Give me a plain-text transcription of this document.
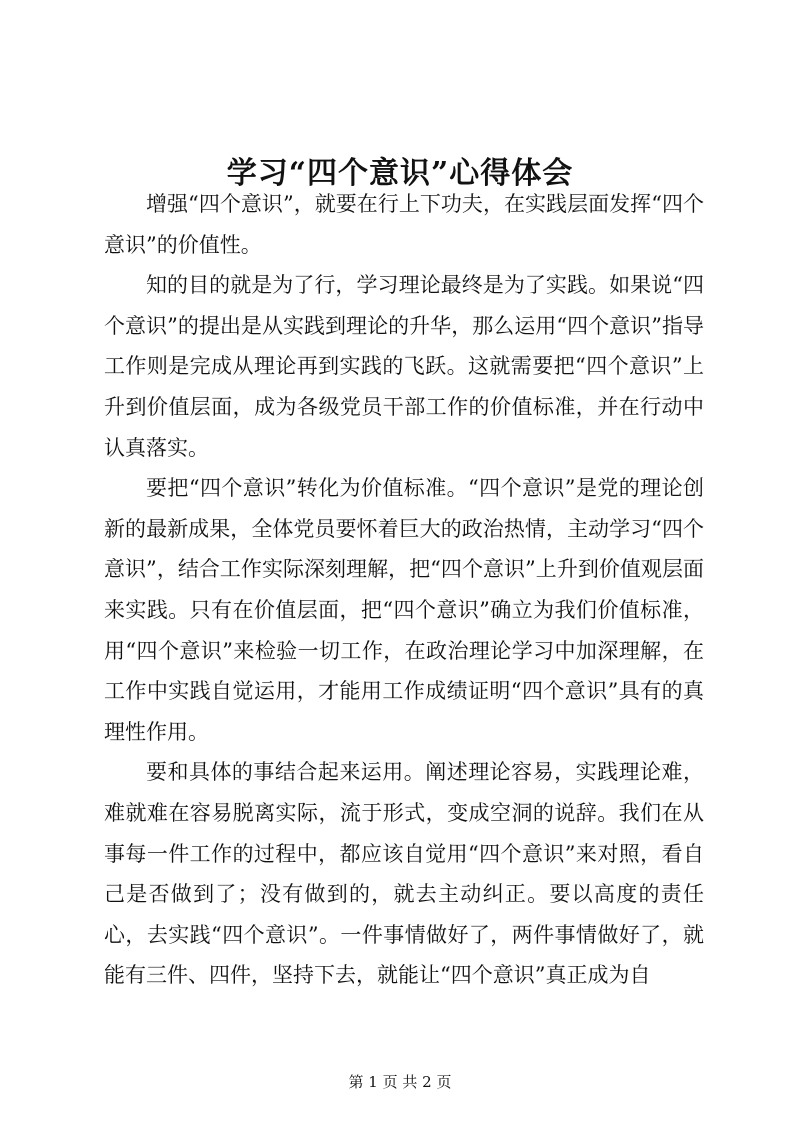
学习“四个意识”心得体会

增强“四个意识”，就要在行上下功夫，在实践层面发挥“四个意识”的价值性。

知的目的就是为了行，学习理论最终是为了实践。如果说“四个意识”的提出是从实践到理论的升华，那么运用“四个意识”指导工作则是完成从理论再到实践的飞跃。这就需要把“四个意识”上升到价值层面，成为各级党员干部工作的价值标准，并在行动中认真落实。

要把“四个意识”转化为价值标准。“四个意识”是党的理论创新的最新成果，全体党员要怀着巨大的政治热情，主动学习“四个意识”，结合工作实际深刻理解，把“四个意识”上升到价值观层面来实践。只有在价值层面，把“四个意识”确立为我们价值标准，用“四个意识”来检验一切工作，在政治理论学习中加深理解，在工作中实践自觉运用，才能用工作成绩证明“四个意识”具有的真理性作用。

要和具体的事结合起来运用。阐述理论容易，实践理论难，难就难在容易脱离实际，流于形式，变成空洞的说辞。我们在从事每一件工作的过程中，都应该自觉用“四个意识”来对照，看自己是否做到了；没有做到的，就去主动纠正。要以高度的责任心，去实践“四个意识”。一件事情做好了，两件事情做好了，就能有三件、四件，坚持下去，就能让“四个意识”真正成为自

第 1 页 共 2 页
